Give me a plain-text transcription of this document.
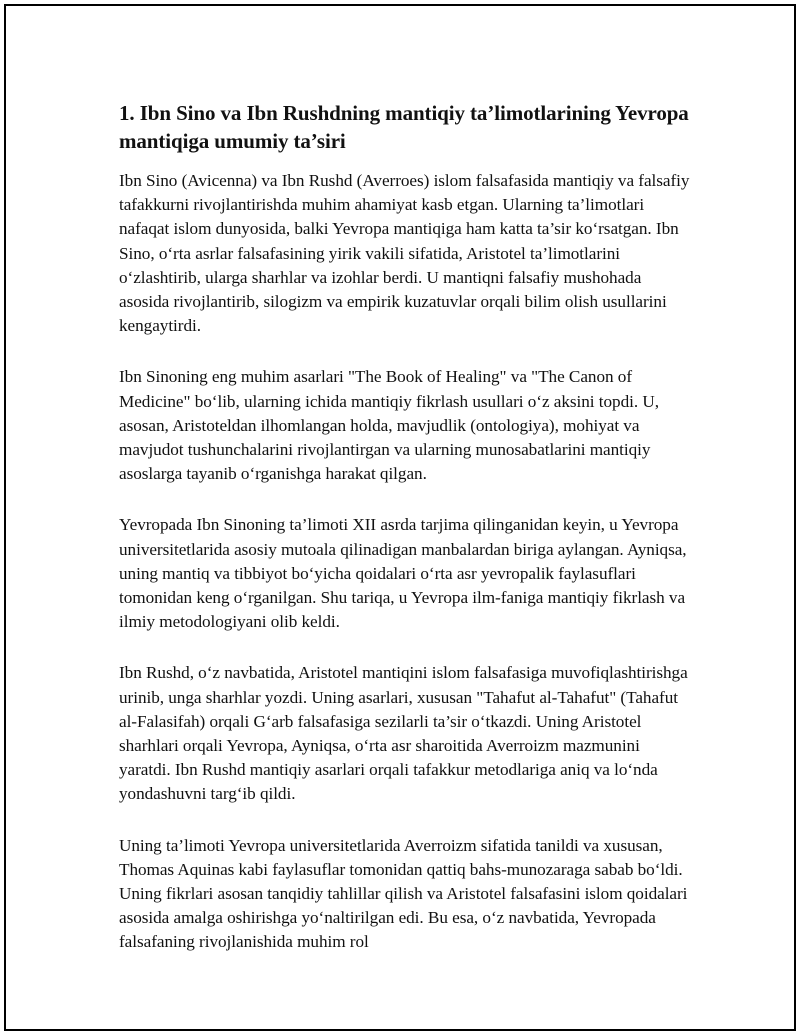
1. Ibn Sino va Ibn Rushdning mantiqiy ta’limotlarining Yevropa mantiqiga umumiy ta’siri

Ibn Sino (Avicenna) va Ibn Rushd (Averroes) islom falsafasida mantiqiy va falsafiy tafakkurni rivojlantirishda muhim ahamiyat kasb etgan. Ularning ta’limotlari nafaqat islom dunyosida, balki Yevropa mantiqiga ham katta ta’sir ko‘rsatgan. Ibn Sino, o‘rta asrlar falsafasining yirik vakili sifatida, Aristotel ta’limotlarini o‘zlashtirib, ularga sharhlar va izohlar berdi. U mantiqni falsafiy mushohada asosida rivojlantirib, silogizm va empirik kuzatuvlar orqali bilim olish usullarini kengaytirdi.

Ibn Sinoning eng muhim asarlari "The Book of Healing" va "The Canon of Medicine" bo‘lib, ularning ichida mantiqiy fikrlash usullari o‘z aksini topdi. U, asosan, Aristoteldan ilhomlangan holda, mavjudlik (ontologiya), mohiyat va mavjudot tushunchalarini rivojlantirgan va ularning munosabatlarini mantiqiy asoslarga tayanib o‘rganishga harakat qilgan.

Yevropada Ibn Sinoning ta’limoti XII asrda tarjima qilinganidan keyin, u Yevropa universitetlarida asosiy mutoala qilinadigan manbalardan biriga aylangan. Ayniqsa, uning mantiq va tibbiyot bo‘yicha qoidalari o‘rta asr yevropalik faylasuflari tomonidan keng o‘rganilgan. Shu tariqa, u Yevropa ilm-faniga mantiqiy fikrlash va ilmiy metodologiyani olib keldi.

Ibn Rushd, o‘z navbatida, Aristotel mantiqini islom falsafasiga muvofiqlashtirishga urinib, unga sharhlar yozdi. Uning asarlari, xususan "Tahafut al-Tahafut" (Tahafut al-Falasifah) orqali G‘arb falsafasiga sezilarli ta’sir o‘tkazdi. Uning Aristotel sharhlari orqali Yevropa, Ayniqsa, o‘rta asr sharoitida Averroizm mazmunini yaratdi. Ibn Rushd mantiqiy asarlari orqali tafakkur metodlariga aniq va lo‘nda yondashuvni targ‘ib qildi.

Uning ta’limoti Yevropa universitetlarida Averroizm sifatida tanildi va xususan, Thomas Aquinas kabi faylasuflar tomonidan qattiq bahs-munozaraga sabab bo‘ldi. Uning fikrlari asosan tanqidiy tahlillar qilish va Aristotel falsafasini islom qoidalari asosida amalga oshirishga yo‘naltirilgan edi. Bu esa, o‘z navbatida, Yevropada falsafaning rivojlanishida muhim rol
